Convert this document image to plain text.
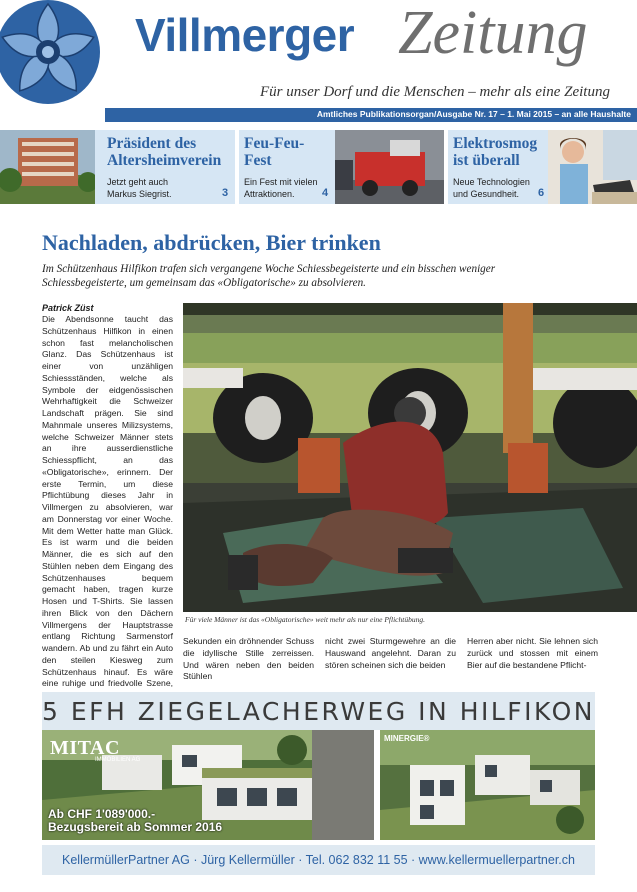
Villmerger Zeitung
Für unser Dorf und die Menschen – mehr als eine Zeitung
Amtliches Publikationsorgan/Ausgabe Nr. 17 – 1. Mai 2015 – an alle Haushalte
Präsident des
Altersheimverein
Jetzt geht auch
Markus Siegrist.	3
Feu-Feu-
Fest
Ein Fest mit vielen
Attraktionen.	4
Elektrosmog
ist überall
Neue Technologien
und Gesundheit.	6
Nachladen, abdrücken, Bier trinken
Im Schützenhaus Hilfikon trafen sich vergangene Woche Schiessbegeisterte und ein bisschen weniger
Schiessbegeisterte, um gemeinsam das «Obligatorische» zu absolvieren.
Patrick Züst
Die Abendsonne taucht das Schützenhaus Hilfikon in einen schon fast melancholischen Glanz. Das Schützenhaus ist einer von unzähligen Schiessständen, welche als Symbole der eidgenössischen Wehrhaftigkeit die Schweizer Landschaft prägen. Sie sind Mahnmale unseres Milizsystems, welche Schweizer Männer stets an ihre ausserdienstliche Schiesspflicht, an das «Obligatorische», erinnern. Der erste Termin, um diese Pflichtübung dieses Jahr in Villmergen zu absolvieren, war am Donnerstag vor einer Woche. Mit dem Wetter hatte man Glück. Es ist warm und die beiden Männer, die es sich auf den Stühlen neben dem Eingang des Schützenhauses bequem gemacht haben, tragen kurze Hosen und T-Shirts. Sie lassen ihren Blick von den Dächern Villmergens der Hauptstrasse entlang Richtung Sarmenstorf wandern. Ab und zu fährt ein Auto den steilen Kiesweg zum Schützenhaus hinauf. Es wäre eine ruhige und friedvolle Szene,
Für viele Männer ist das «Obligatorische» weit mehr als nur eine Pflichtübung.
Sekunden ein dröhnender Schuss die idyllische Stille zerreissen. Und wären neben den beiden Stühlen
nicht zwei Sturmgewehre an die Hauswand angelehnt. Daran zu stören scheinen sich die beiden
Herren aber nicht. Sie lehnen sich zurück und stossen mit einem Bier auf die bestandene Pflicht-
5 EFH ZIEGELACHERWEG IN HILFIKON
MITAC
IMMOBILIEN AG
Ab CHF 1'089'000.-
Bezugsbereit ab Sommer 2016
MINERGIE®
KellermüllerPartner AG · Jürg Kellermüller · Tel. 062 832 11 55 · www.kellermuellerpartner.ch
